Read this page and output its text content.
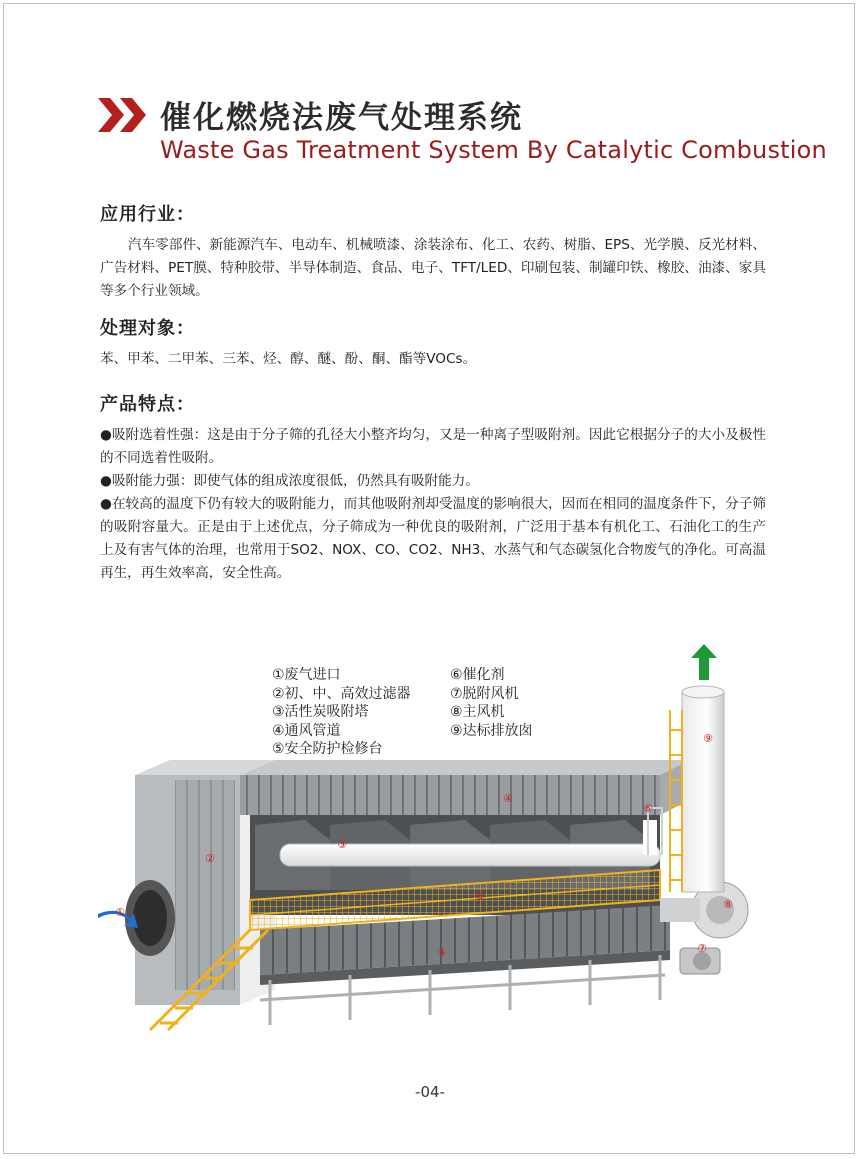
催化燃烧法废气处理系统
Waste Gas Treatment System By Catalytic Combustion
应用行业：

汽车零部件、新能源汽车、电动车、机械喷漆、涂装涂布、化工、农药、树脂、EPS、光学膜、反光材料、广告材料、PET膜、特种胶带、半导体制造、食品、电子、TFT/LED、印刷包装、制罐印铁、橡胶、油漆、家具等多个行业领域。

处理对象：

苯、甲苯、二甲苯、三苯、烃、醇、醚、酚、酮、酯等VOCs。

产品特点：

●吸附选着性强：这是由于分子筛的孔径大小整齐均匀，又是一种离子型吸附剂。因此它根据分子的大小及极性的不同选着性吸附。

●吸附能力强：即使气体的组成浓度很低，仍然具有吸附能力。

●在较高的温度下仍有较大的吸附能力，而其他吸附剂却受温度的影响很大，因而在相同的温度条件下，分子筛的吸附容量大。正是由于上述优点，分子筛成为一种优良的吸附剂，广泛用于基本有机化工、石油化工的生产上及有害气体的治理，也常用于SO2、NOX、CO、CO2、NH3、水蒸气和气态碳氢化合物废气的净化。可高温再生，再生效率高，安全性高。

①废气进口
②初、中、高效过滤器
③活性炭吸附塔
④通风管道
⑤安全防护检修台
⑥催化剂
⑦脱附风机
⑧主风机
⑨达标排放囱
①
②
③
④
④
⑤
⑥
⑦
⑧
⑨
-04-
